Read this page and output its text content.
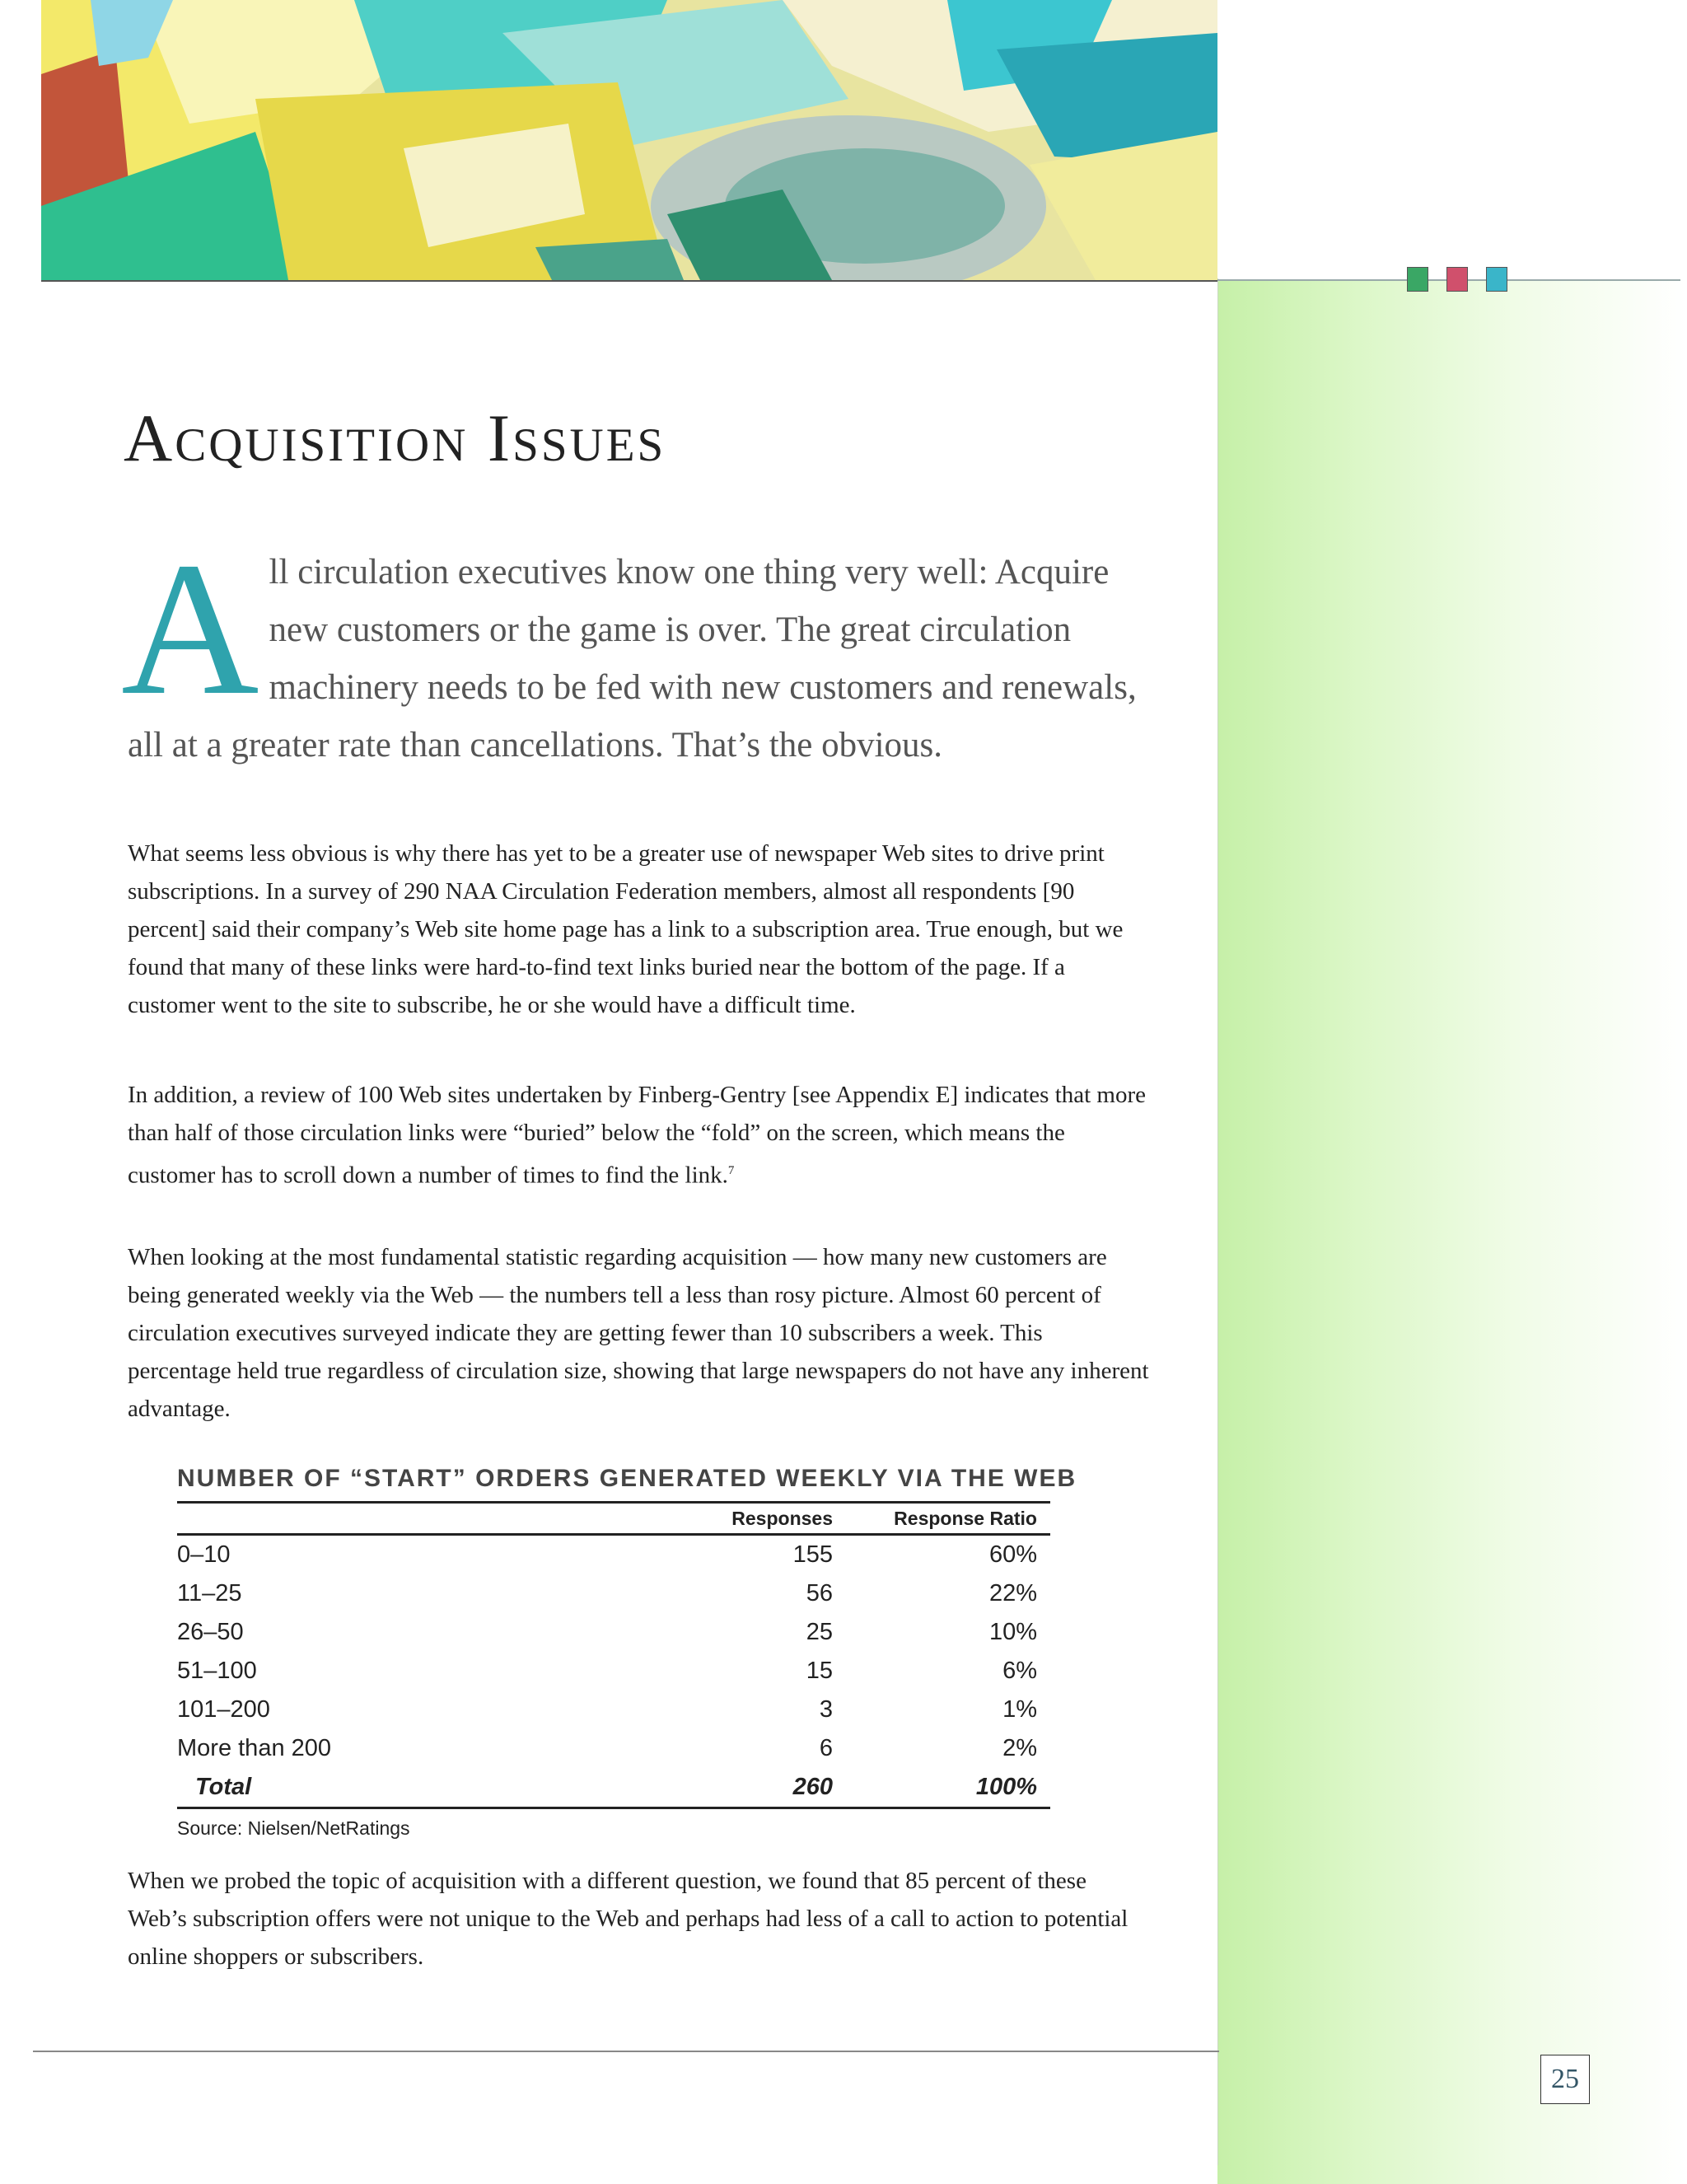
Acquisition Issues
A ll circulation executives know one thing very well: Acquire new customers or the game is over. The great circulation machinery needs to be fed with new customers and renewals, all at a greater rate than cancellations. That’s the obvious.

What seems less obvious is why there has yet to be a greater use of newspaper Web sites to drive print subscriptions. In a survey of 290 NAA Circulation Federation members, almost all respondents [90 percent] said their company’s Web site home page has a link to a subscription area. True enough, but we found that many of these links were hard-to-find text links buried near the bottom of the page. If a customer went to the site to subscribe, he or she would have a difficult time.

In addition, a review of 100 Web sites undertaken by Finberg-Gentry [see Appendix E] indicates that more than half of those circulation links were “buried” below the “fold” on the screen, which means the customer has to scroll down a number of times to find the link.$^7$

When looking at the most fundamental statistic regarding acquisition — how many new customers are being generated weekly via the Web — the numbers tell a less than rosy picture. Almost 60 percent of circulation executives surveyed indicate they are getting fewer than 10 subscribers a week. This percentage held true regardless of circulation size, showing that large newspapers do not have any inherent advantage.

NUMBER OF “START” ORDERS GENERATED WEEKLY VIA THE WEB
	Responses	Response Ratio
0–10	155	60%
11–25	56	22%
26–50	25	10%
51–100	15	6%
101–200	3	1%
More than 200	6	2%
Total	260	100%
Source: Nielsen/NetRatings

When we probed the topic of acquisition with a different question, we found that 85 percent of these Web’s subscription offers were not unique to the Web and perhaps had less of a call to action to potential online shoppers or subscribers.

25
